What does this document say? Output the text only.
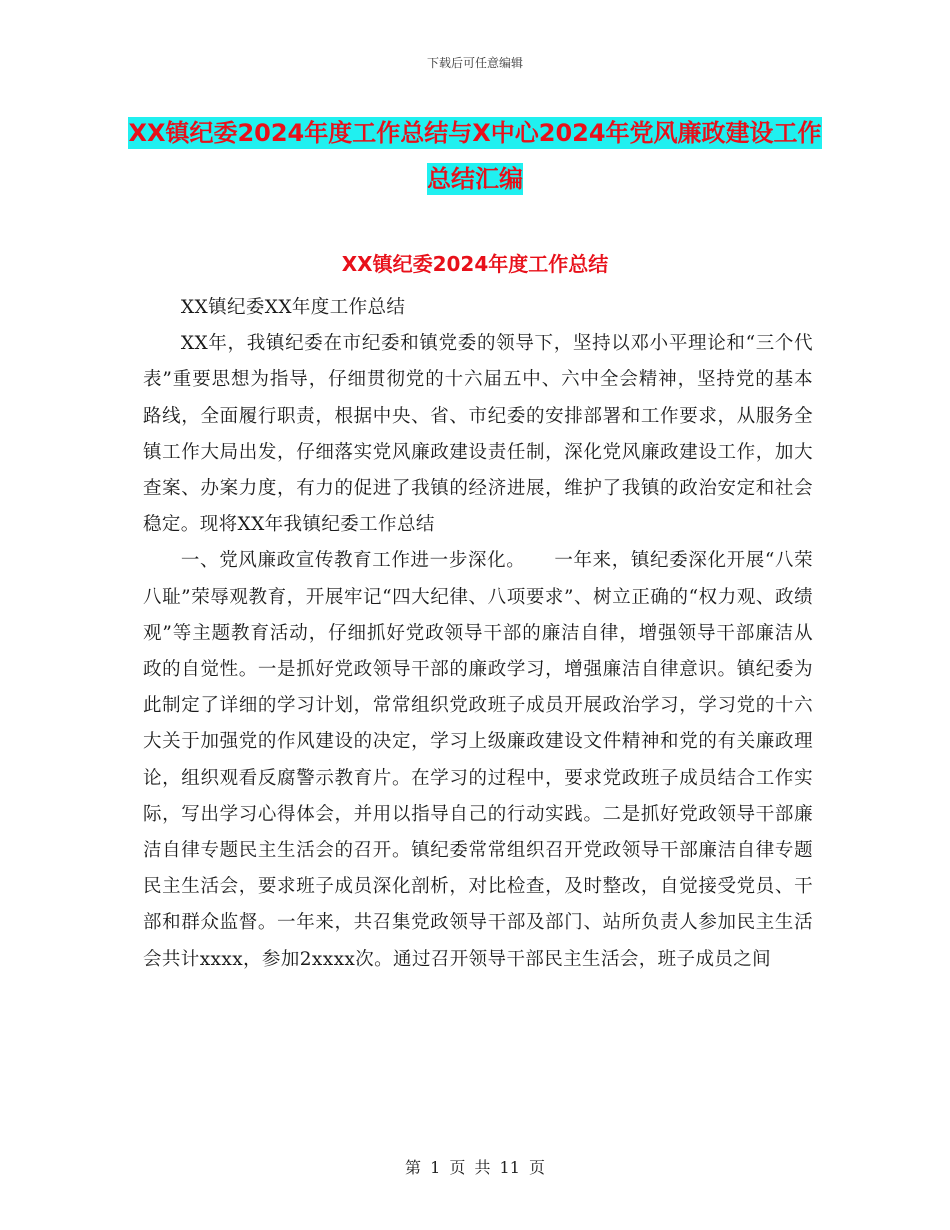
下载后可任意编辑
XX镇纪委2024年度工作总结与X中心2024年党风廉政建设工作总结汇编
XX镇纪委2024年度工作总结

XX镇纪委XX年度工作总结

XX年，我镇纪委在市纪委和镇党委的领导下，坚持以邓小平理论和“三个代表”重要思想为指导，仔细贯彻党的十六届五中、六中全会精神，坚持党的基本路线，全面履行职责，根据中央、省、市纪委的安排部署和工作要求，从服务全镇工作大局出发，仔细落实党风廉政建设责任制，深化党风廉政建设工作，加大查案、办案力度，有力的促进了我镇的经济进展，维护了我镇的政治安定和社会稳定。现将XX年我镇纪委工作总结

一、党风廉政宣传教育工作进一步深化。　　一年来，镇纪委深化开展“八荣八耻”荣辱观教育，开展牢记“四大纪律、八项要求”、树立正确的“权力观、政绩观”等主题教育活动，仔细抓好党政领导干部的廉洁自律，增强领导干部廉洁从政的自觉性。一是抓好党政领导干部的廉政学习，增强廉洁自律意识。镇纪委为此制定了详细的学习计划，常常组织党政班子成员开展政治学习，学习党的十六大关于加强党的作风建设的决定，学习上级廉政建设文件精神和党的有关廉政理论，组织观看反腐警示教育片。在学习的过程中，要求党政班子成员结合工作实际，写出学习心得体会，并用以指导自己的行动实践。二是抓好党政领导干部廉洁自律专题民主生活会的召开。镇纪委常常组织召开党政领导干部廉洁自律专题民主生活会，要求班子成员深化剖析，对比检查，及时整改，自觉接受党员、干部和群众监督。一年来，共召集党政领导干部及部门、站所负责人参加民主生活会共计xxxx，参加2xxxx次。通过召开领导干部民主生活会，班子成员之间

第 1 页 共 11 页
